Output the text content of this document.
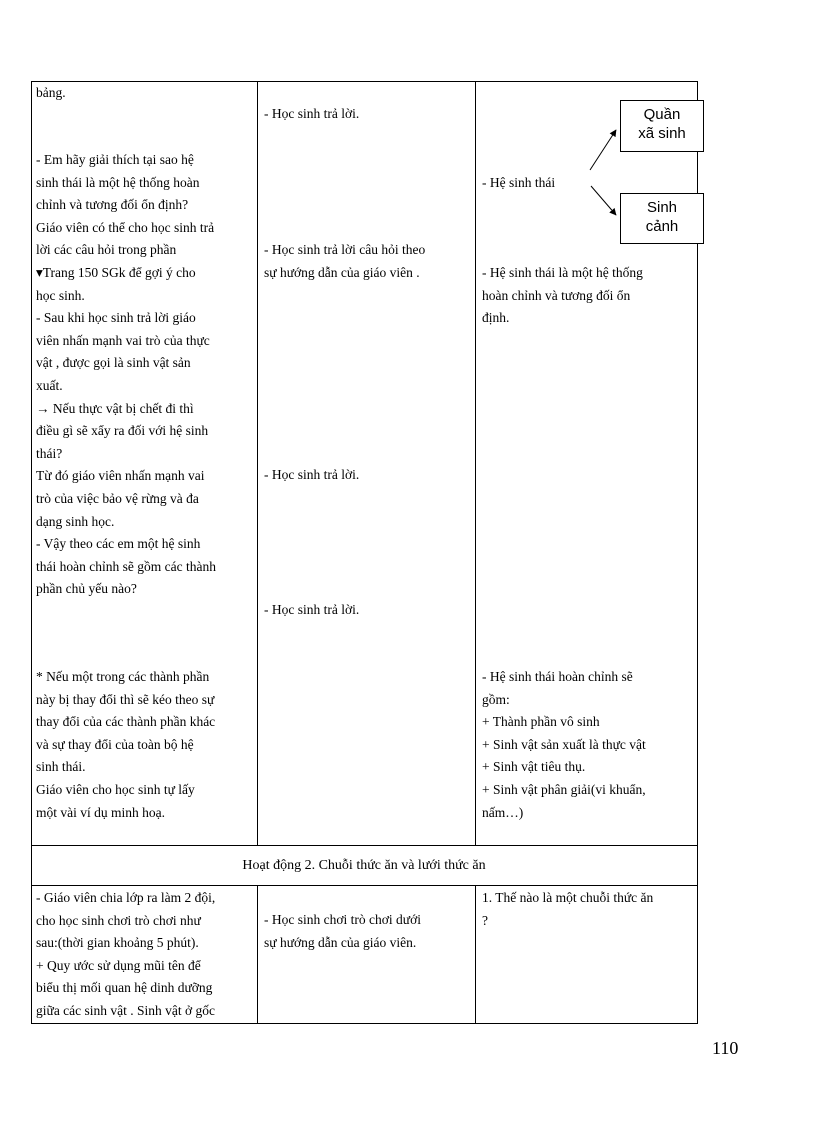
bảng.
- Em hãy giải thích tại sao hệ
sinh thái là một hệ thống hoàn
chỉnh và tương đối ổn định?
Giáo viên có thể cho học sinh trả
lời các câu hỏi trong phần
▾Trang 150 SGk để gợi ý cho
học sinh.
- Sau khi học sinh trả lời giáo
viên nhấn mạnh vai trò của thực
vật , được gọi là sinh vật sản
xuất.
→ Nếu thực vật bị chết đi thì
điều gì sẽ xẩy ra đối với hệ sinh
thái?
Từ đó giáo viên nhấn mạnh vai
trò của việc bảo vệ rừng và đa
dạng sinh học.
- Vậy theo các em một hệ sinh
thái hoàn chỉnh sẽ gồm các thành
phần chủ yếu nào?
* Nếu một trong các thành phần
này bị thay đổi thì sẽ kéo theo sự
thay đổi của các thành phần khác
và sự thay đổi của toàn bộ hệ
sinh thái.
Giáo viên cho học sinh tự lấy
một vài ví dụ minh hoạ.
- Học sinh trả lời.
- Học sinh trả lời câu hỏi theo
sự hướng dẫn của giáo viên .
- Học sinh trả lời.
- Học sinh trả lời.
- Hệ sinh thái
Quần
xã sinh
Sinh
cảnh
- Hệ sinh thái là một hệ thống
hoàn chỉnh và tương đối ổn
định.
- Hệ sinh thái hoàn chỉnh sẽ
gồm:
+ Thành phần vô sinh
+ Sinh vật sản xuất là thực vật
+ Sinh vật tiêu thụ.
+ Sinh vật phân giải(vi khuẩn,
nấm…)
Hoạt động 2. Chuỗi thức ăn và lưới thức ăn
- Giáo viên chia lớp ra làm 2 đội,
cho học sinh chơi trò chơi như
sau:(thời gian khoảng 5 phút).
+ Quy ước sử dụng mũi tên để
biểu thị mối quan hệ dinh dưỡng
giữa các sinh vật . Sinh vật ở gốc
- Học sinh chơi trò chơi dưới
sự hướng dẫn của giáo viên.
1. Thế nào là một chuỗi thức ăn
?
110
